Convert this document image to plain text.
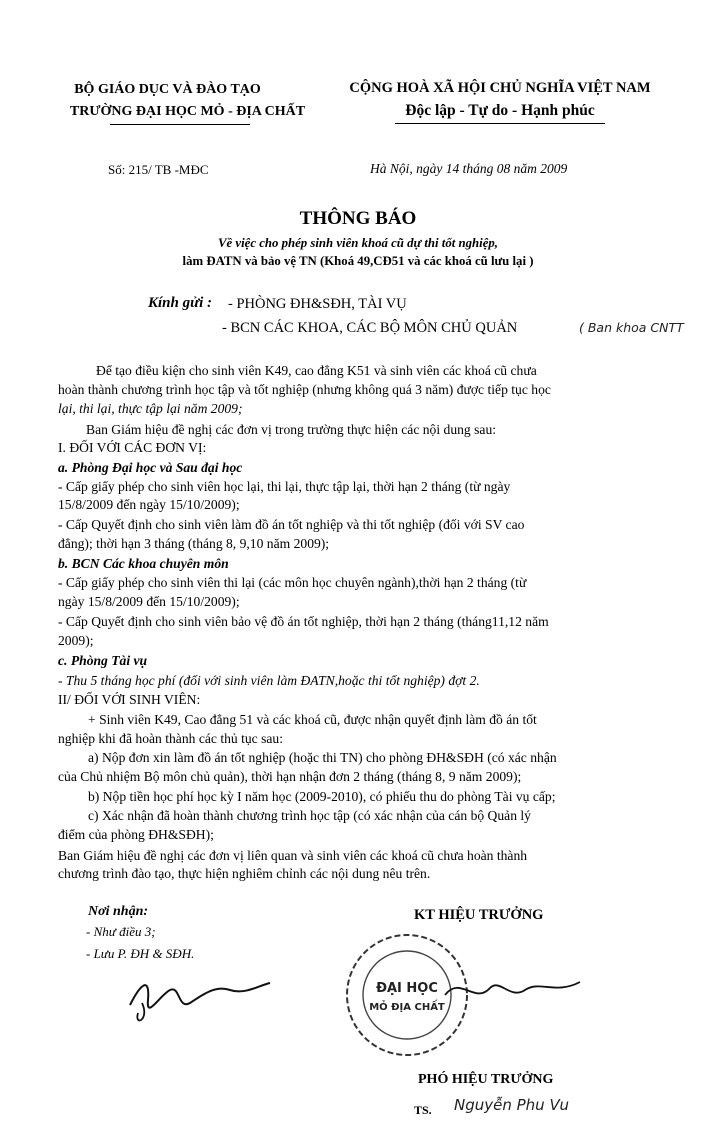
BỘ GIÁO DỤC VÀ ĐÀO TẠO
TRƯỜNG ĐẠI HỌC MỎ - ĐỊA CHẤT
CỘNG HOÀ XÃ HỘI CHỦ NGHĨA VIỆT NAM
Độc lập - Tự do - Hạnh phúc
Số: 215/ TB -MĐC	Hà Nội, ngày 14 tháng 08 năm 2009
THÔNG BÁO
Về việc cho phép sinh viên khoá cũ dự thi tốt nghiệp,
làm ĐATN và bảo vệ TN (Khoá 49,CĐ51 và các khoá cũ lưu lại )
Kính gửi : - PHÒNG ĐH&SĐH, TÀI VỤ
- BCN CÁC KHOA, CÁC BỘ MÔN CHỦ QUẢN	( Ban khoa CNTT
Để tạo điều kiện cho sinh viên K49, cao đẳng K51 và sinh viên các khoá cũ chưa
hoàn thành chương trình học tập và tốt nghiệp (nhưng không quá 3 năm) được tiếp tục học
lại, thi lại, thực tập lại năm 2009;
Ban Giám hiệu đề nghị các đơn vị trong trường thực hiện các nội dung sau:
I. ĐỐI VỚI CÁC ĐƠN VỊ:
a. Phòng Đại học và Sau đại học
- Cấp giấy phép cho sinh viên học lại, thi lại, thực tập lại, thời hạn 2 tháng (từ ngày
15/8/2009 đến ngày 15/10/2009);
- Cấp Quyết định cho sinh viên làm đồ án tốt nghiệp và thi tốt nghiệp (đối với SV cao
đẳng); thời hạn 3 tháng (tháng 8, 9,10 năm 2009);
b. BCN Các khoa chuyên môn
- Cấp giấy phép cho sinh viên thi lại (các môn học chuyên ngành),thời hạn 2 tháng (từ
ngày 15/8/2009 đến 15/10/2009);
- Cấp Quyết định cho sinh viên bảo vệ đồ án tốt nghiệp, thời hạn 2 tháng (tháng11,12 năm
2009);
c. Phòng Tài vụ
- Thu 5 tháng học phí (đối với sinh viên làm ĐATN,hoặc thi tốt nghiệp) đợt 2.
II/ ĐỐI VỚI SINH VIÊN:
+ Sinh viên K49, Cao đẳng 51 và các khoá cũ, được nhận quyết định làm đồ án tốt
nghiệp khi đã hoàn thành các thủ tục sau:
a) Nộp đơn xin làm đồ án tốt nghiệp (hoặc thi TN) cho phòng ĐH&SĐH (có xác nhận
của Chủ nhiệm Bộ môn chủ quản), thời hạn nhận đơn 2 tháng (tháng 8, 9 năm 2009);
b) Nộp tiền học phí học kỳ I năm học (2009-2010), có phiếu thu do phòng Tài vụ cấp;
c) Xác nhận đã hoàn thành chương trình học tập (có xác nhận của cán bộ Quản lý
điểm của phòng ĐH&SĐH);
Ban Giám hiệu đề nghị các đơn vị liên quan và sinh viên các khoá cũ chưa hoàn thành
chương trình đào tạo, thực hiện nghiêm chỉnh các nội dung nêu trên.
Nơi nhận:
- Như điều 3;
- Lưu P. ĐH & SĐH.
KT HIỆU TRƯỞNG
ĐẠI HỌC
MỎ ĐỊA CHẤT
PHÓ HIỆU TRƯỞNG
TS. Nguyễn Phu Vu
